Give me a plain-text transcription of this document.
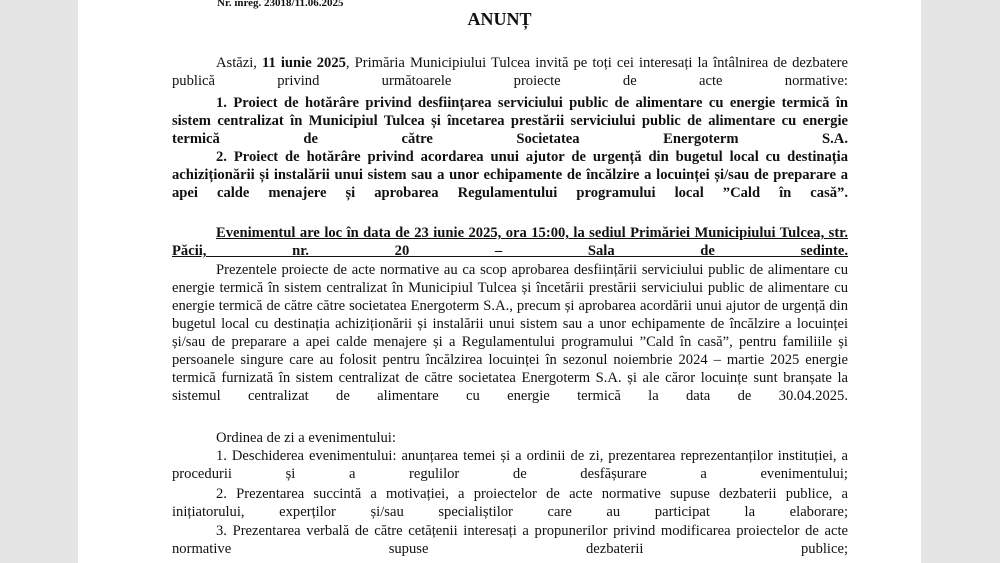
Nr. înreg. 23018/11.06.2025

ANUNȚ

Astăzi, 11 iunie 2025, Primăria Municipiului Tulcea invită pe toți cei interesați la întâlnirea de dezbatere publică privind următoarele proiecte de acte normative:

1. Proiect de hotărâre privind desființarea serviciului public de alimentare cu energie termică în sistem centralizat în Municipiul Tulcea și încetarea prestării serviciului public de alimentare cu energie termică de către Societatea Energoterm S.A.

2. Proiect de hotărâre privind acordarea unui ajutor de urgență din bugetul local cu destinația achiziționării și instalării unui sistem sau a unor echipamente de încălzire a locuinței și/sau de preparare a apei calde menajere și aprobarea Regulamentului programului local ”Cald în casă”.

Evenimentul are loc în data de 23 iunie 2025, ora 15:00, la sediul Primăriei Municipiului Tulcea, str. Păcii, nr. 20 – Sala de sedinte.

Prezentele proiecte de acte normative au ca scop aprobarea desființării serviciului public de alimentare cu energie termică în sistem centralizat în Municipiul Tulcea și încetării prestării serviciului public de alimentare cu energie termică de către către societatea Energoterm S.A., precum și aprobarea acordării unui ajutor de urgență din bugetul local cu destinația achiziționării și instalării unui sistem sau a unor echipamente de încălzire a locuinței și/sau de preparare a apei calde menajere și a Regulamentului programului ”Cald în casă”, pentru familiile și persoanele singure care au folosit pentru încălzirea locuinței în sezonul noiembrie 2024 – martie 2025 energie termică furnizată în sistem centralizat de către societatea Energoterm S.A. și ale căror locuințe sunt branșate la sistemul centralizat de alimentare cu energie termică la data de 30.04.2025.

Ordinea de zi a evenimentului:

1. Deschiderea evenimentului: anunțarea temei și a ordinii de zi, prezentarea reprezentanților instituției, a procedurii și a regulilor de desfășurare a evenimentului;

2. Prezentarea succintă a motivației, a proiectelor de acte normative supuse dezbaterii publice, a inițiatorului, experților și/sau specialiștilor care au participat la elaborare;

3. Prezentarea verbală de către cetățenii interesați a propunerilor privind modificarea proiectelor de acte normative supuse dezbaterii publice;
